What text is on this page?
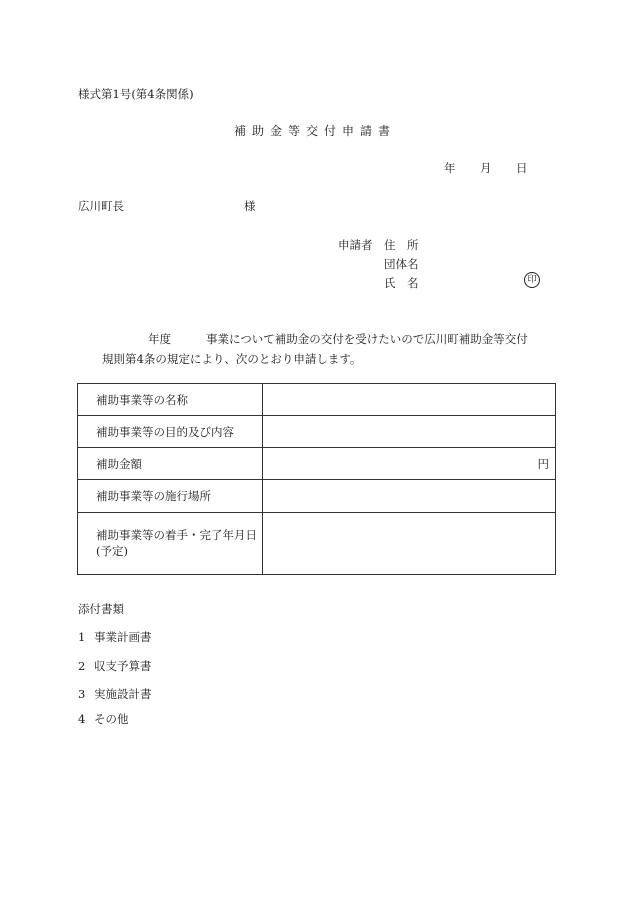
様式第1号(第4条関係)
補助金等交付申請書
年 月 日
広川町長	様
申請者 住　所
団体名
氏　名	印
年度	事業について補助金の交付を受けたいので広川町補助金等交付
規則第4条の規定により、次のとおり申請します。
補助事業等の名称	
補助事業等の目的及び内容	
補助金額	円
補助事業等の施行場所	
補助事業等の着手・完了年月日(予定)	
添付書類
1 事業計画書
2 収支予算書
3 実施設計書
4 その他
